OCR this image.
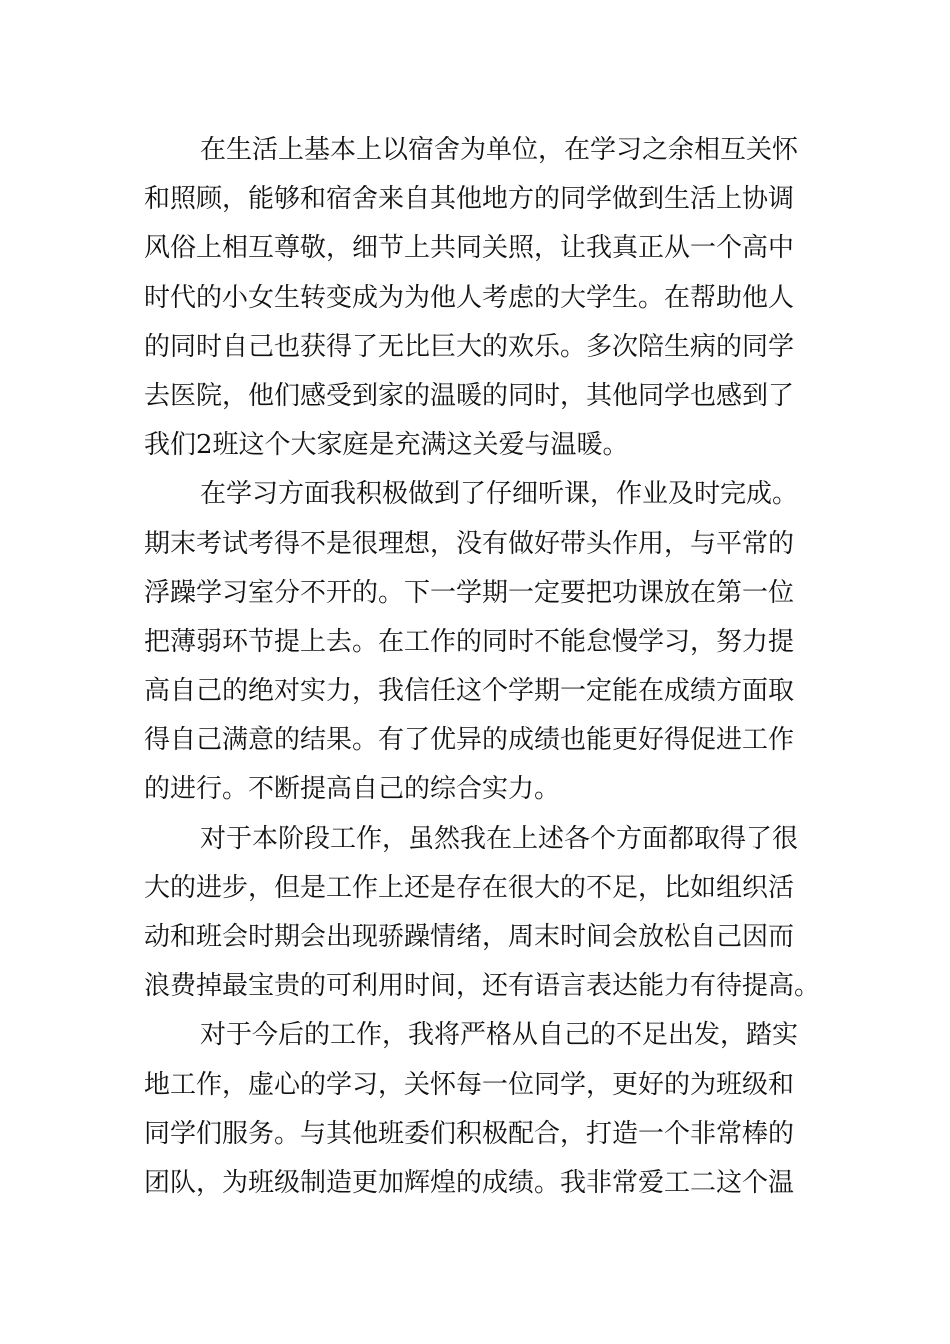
在生活上基本上以宿舍为单位，在学习之余相互关怀
和照顾，能够和宿舍来自其他地方的同学做到生活上协调
风俗上相互尊敬，细节上共同关照，让我真正从一个高中
时代的小女生转变成为为他人考虑的大学生。在帮助他人
的同时自己也获得了无比巨大的欢乐。多次陪生病的同学
去医院，他们感受到家的温暖的同时，其他同学也感到了
我们2班这个大家庭是充满这关爱与温暖。
在学习方面我积极做到了仔细听课，作业及时完成。
期末考试考得不是很理想，没有做好带头作用，与平常的
浮躁学习室分不开的。下一学期一定要把功课放在第一位
把薄弱环节提上去。在工作的同时不能怠慢学习，努力提
高自己的绝对实力，我信任这个学期一定能在成绩方面取
得自己满意的结果。有了优异的成绩也能更好得促进工作
的进行。不断提高自己的综合实力。
对于本阶段工作，虽然我在上述各个方面都取得了很
大的进步，但是工作上还是存在很大的不足，比如组织活
动和班会时期会出现骄躁情绪，周末时间会放松自己因而
浪费掉最宝贵的可利用时间，还有语言表达能力有待提高。
对于今后的工作，我将严格从自己的不足出发，踏实
地工作，虚心的学习，关怀每一位同学，更好的为班级和
同学们服务。与其他班委们积极配合，打造一个非常棒的
团队，为班级制造更加辉煌的成绩。我非常爱工二这个温
